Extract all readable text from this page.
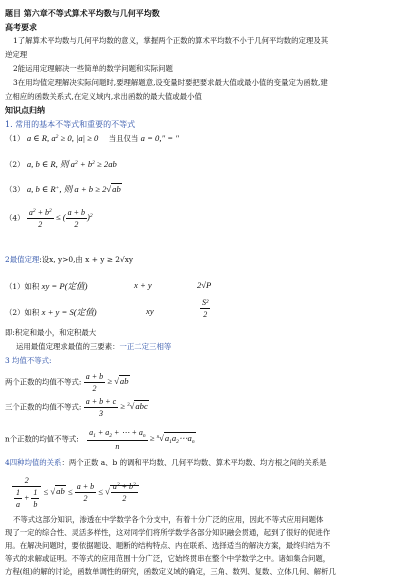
题目 第六章不等式算术平均数与几何平均数
高考要求
1了解算术平均数与几何平均数的意义，掌握两个正数的算术平均数不小于几何平均数的定理及其
逆定理
2能运用定理解决一些简单的数学问题和实际问题
3在用均值定理解决实际问题时,要理解题意,设变量时要把要求最大值或最小值的变量定为函数,建
立相应的函数关系式,在定义域内,求出函数的最大值或最小值
知识点归纳
1. 常用的基本不等式和重要的不等式
（1） a ∈ R, $a^2 \ge 0$, |a| ≥ 0 当且仅当 a = 0," = "
（2） a, b ∈ R, 则 $a^2 + b^2 \ge 2ab$
（3） a, b ∈ R+, 则 a + b ≥ 2√ab
$(4) \frac{a^2 + b^2}{2}$ ≤ ( $\frac{a + b}{2} )^2$
2最值定理:设x, y>0,由 x + y ≥ 2√xy
（1）如积 xy = P(定值)	x + y	2√P
（2）如积 x + y = S(定值)	xy	$\frac{\text{S²}}{2}$
即:积定和最小，和定积最大
运用最值定理求最值的三要素：一正二定三相等
3 均值不等式:
两个正数的均值不等式: $\frac{a + b}{2} \ge √ab$
三个正数的均值不等式: $\frac{a + b + c}{3} \ge ^3√abc$
n个正数的均值不等式: $\frac{a_1 + a_2 + \cdots + a_n}{n}$ ≥ $^n√a_1a_2\cdots a_n$
4四种均值的关系：两个正数 a、b 的调和平均数、几何平均数、算术平均数、均方根之间的关系是
$\frac{2}{\frac{1}{a} + \frac{1}{b}} \le √ab \le \frac{a + b}{2}$ ≤ √ $\frac{a^2 + b^2}{2}$
不等式这部分知识，渗透在中学数学各个分支中，有着十分广泛的应用，因此不等式应用问题体
现了一定的综合性、灵活多样性，这对同学们将所学数学各部分知识融会贯通，起到了很好的促进作
用。在解决问题时，要依据题设、题断的结构特点、内在联系、选择适当的解决方案，最终归结为不
等式的求解或证明。不等式的应用范围十分广泛，它始终贯串在整个中学数学之中。诸如集合问题，
方程(组)的解的讨论，函数单调性的研究，函数定义域的确定，三角、数列、复数、立体几何、解析几
